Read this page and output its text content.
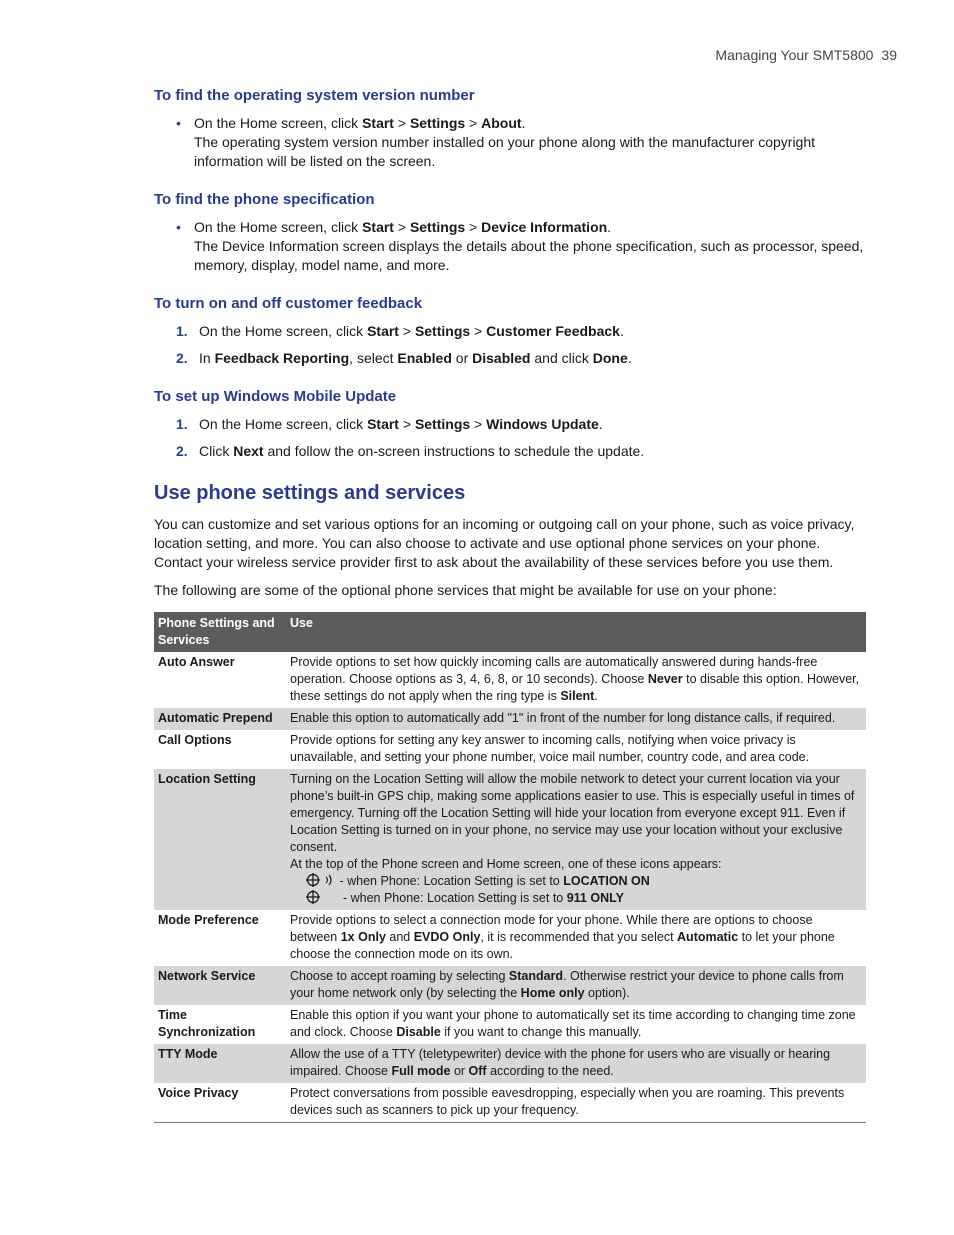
Managing Your SMT5800 39
To find the operating system version number
• On the Home screen, click Start > Settings > About.
The operating system version number installed on your phone along with the manufacturer copyright information will be listed on the screen.
To find the phone specification
• On the Home screen, click Start > Settings > Device Information.
The Device Information screen displays the details about the phone specification, such as processor, speed, memory, display, model name, and more.
To turn on and off customer feedback
1. On the Home screen, click Start > Settings > Customer Feedback.
2. In Feedback Reporting, select Enabled or Disabled and click Done.
To set up Windows Mobile Update
1. On the Home screen, click Start > Settings > Windows Update.
2. Click Next and follow the on-screen instructions to schedule the update.
Use phone settings and services

You can customize and set various options for an incoming or outgoing call on your phone, such as voice privacy, location setting, and more. You can also choose to activate and use optional phone services on your phone. Contact your wireless service provider first to ask about the availability of these services before you use them.

The following are some of the optional phone services that might be available for use on your phone:

Phone Settings and Services	Use
Auto Answer	Provide options to set how quickly incoming calls are automatically answered during hands-free operation. Choose options as 3, 4, 6, 8, or 10 seconds). Choose Never to disable this option. However, these settings do not apply when the ring type is Silent.
Automatic Prepend	Enable this option to automatically add "1" in front of the number for long distance calls, if required.
Call Options	Provide options for setting any key answer to incoming calls, notifying when voice privacy is unavailable, and setting your phone number, voice mail number, country code, and area code.
Location Setting	Turning on the Location Setting will allow the mobile network to detect your current location via your phone’s built-in GPS chip, making some applications easier to use. This is especially useful in times of emergency. Turning off the Location Setting will hide your location from everyone except 911. Even if Location Setting is turned on in your phone, no service may use your location without your exclusive consent.
At the top of the Phone screen and Home screen, one of these icons appears:
- when Phone: Location Setting is set to LOCATION ON
- when Phone: Location Setting is set to 911 ONLY

Mode Preference	Provide options to select a connection mode for your phone. While there are options to choose between 1x Only and EVDO Only, it is recommended that you select Automatic to let your phone choose the connection mode on its own.
Network Service	Choose to accept roaming by selecting Standard. Otherwise restrict your device to phone calls from your home network only (by selecting the Home only option).
Time Synchronization	Enable this option if you want your phone to automatically set its time according to changing time zone and clock. Choose Disable if you want to change this manually.
TTY Mode	Allow the use of a TTY (teletypewriter) device with the phone for users who are visually or hearing impaired. Choose Full mode or Off according to the need.
Voice Privacy	Protect conversations from possible eavesdropping, especially when you are roaming. This prevents devices such as scanners to pick up your frequency.
